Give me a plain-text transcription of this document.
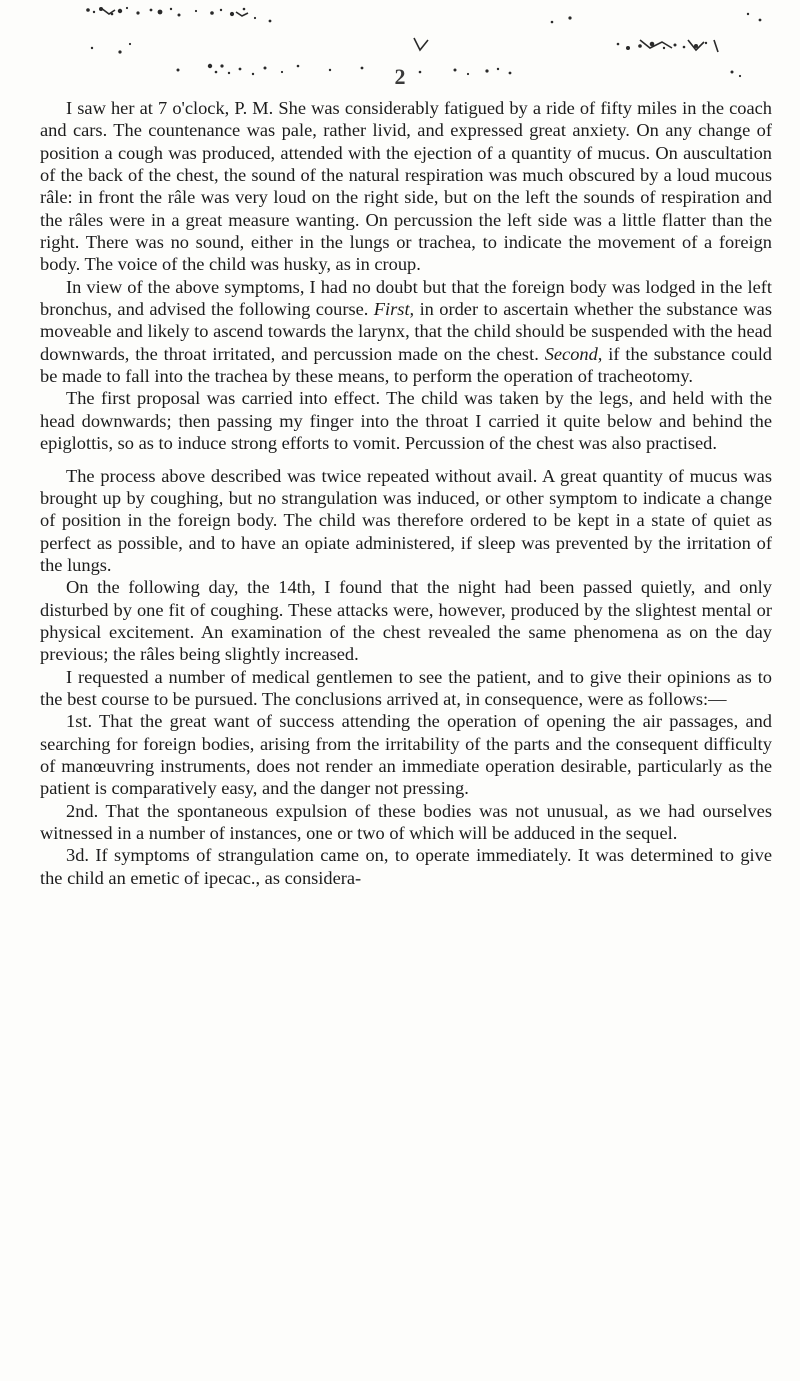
2

I saw her at 7 o'clock, P. M. She was considerably fatigued by a ride of fifty miles in the coach and cars. The countenance was pale, rather livid, and expressed great anxiety. On any change of position a cough was produced, attended with the ejection of a quantity of mucus. On auscultation of the back of the chest, the sound of the natural respiration was much obscured by a loud mucous râle: in front the râle was very loud on the right side, but on the left the sounds of respiration and the râles were in a great measure wanting. On percussion the left side was a little flatter than the right. There was no sound, either in the lungs or trachea, to indicate the movement of a foreign body. The voice of the child was husky, as in croup.

In view of the above symptoms, I had no doubt but that the foreign body was lodged in the left bronchus, and advised the following course. First, in order to ascertain whether the substance was moveable and likely to ascend towards the larynx, that the child should be suspended with the head downwards, the throat irritated, and percussion made on the chest. Second, if the substance could be made to fall into the trachea by these means, to perform the operation of tracheotomy.

The first proposal was carried into effect. The child was taken by the legs, and held with the head downwards; then passing my finger into the throat I carried it quite below and behind the epiglottis, so as to induce strong efforts to vomit. Percussion of the chest was also practised.

The process above described was twice repeated without avail. A great quantity of mucus was brought up by coughing, but no strangulation was induced, or other symptom to indicate a change of position in the foreign body. The child was therefore ordered to be kept in a state of quiet as perfect as possible, and to have an opiate administered, if sleep was prevented by the irritation of the lungs.

On the following day, the 14th, I found that the night had been passed quietly, and only disturbed by one fit of coughing. These attacks were, however, produced by the slightest mental or physical excitement. An examination of the chest revealed the same phenomena as on the day previous; the râles being slightly increased.

I requested a number of medical gentlemen to see the patient, and to give their opinions as to the best course to be pursued. The conclusions arrived at, in consequence, were as follows:—

1st. That the great want of success attending the operation of opening the air passages, and searching for foreign bodies, arising from the irritability of the parts and the consequent difficulty of manœuvring instruments, does not render an immediate operation desirable, particularly as the patient is comparatively easy, and the danger not pressing.

2nd. That the spontaneous expulsion of these bodies was not unusual, as we had ourselves witnessed in a number of instances, one or two of which will be adduced in the sequel.

3d. If symptoms of strangulation came on, to operate immediately. It was determined to give the child an emetic of ipecac., as considera-
